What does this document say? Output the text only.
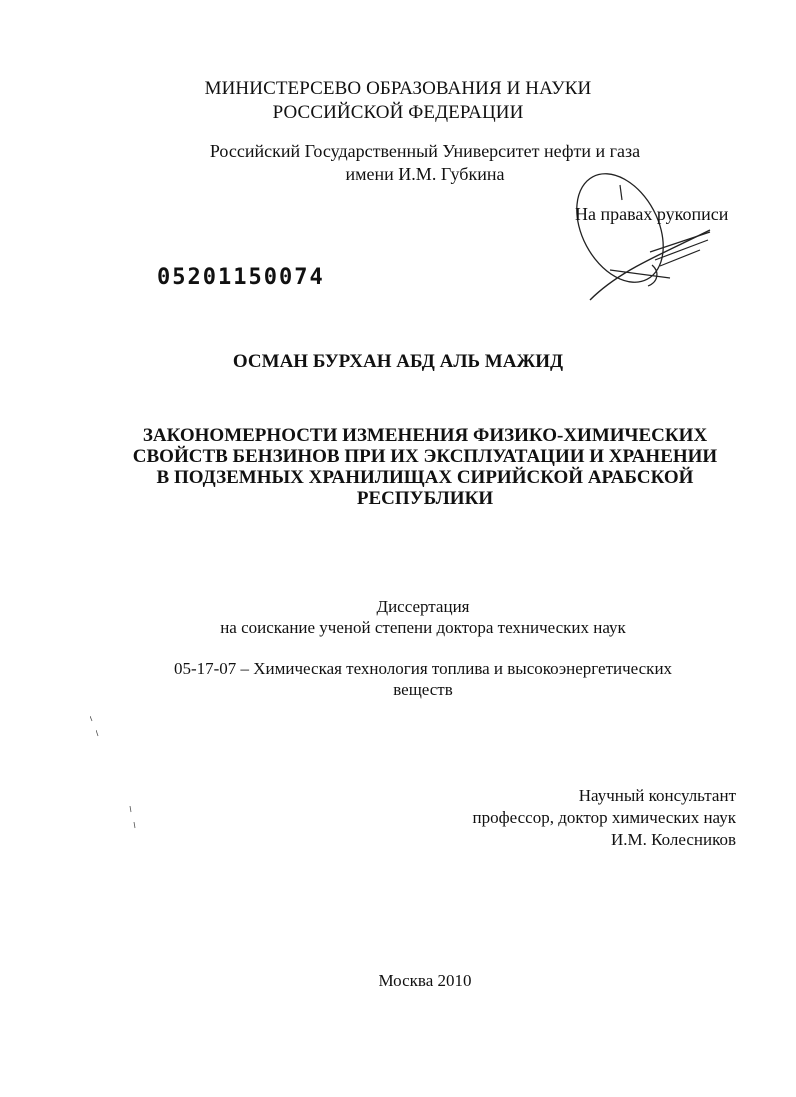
МИНИСТЕРСЕВО ОБРАЗОВАНИЯ И НАУКИ
РОССИЙСКОЙ ФЕДЕРАЦИИ
Российский Государственный Университет нефти и газа
имени И.М. Губкина
На правах рукописи
05201150074
ОСМАН БУРХАН АБД АЛЬ МАЖИД
ЗАКОНОМЕРНОСТИ ИЗМЕНЕНИЯ ФИЗИКО-ХИМИЧЕСКИХ
СВОЙСТВ БЕНЗИНОВ ПРИ ИХ ЭКСПЛУАТАЦИИ И ХРАНЕНИИ
В ПОДЗЕМНЫХ ХРАНИЛИЩАХ СИРИЙСКОЙ АРАБСКОЙ
РЕСПУБЛИКИ
Диссертация
на соискание ученой степени доктора технических наук
05-17-07 – Химическая технология топлива и высокоэнергетических
веществ
Научный консультант
профессор, доктор химических наук
И.М. Колесников
Москва 2010
